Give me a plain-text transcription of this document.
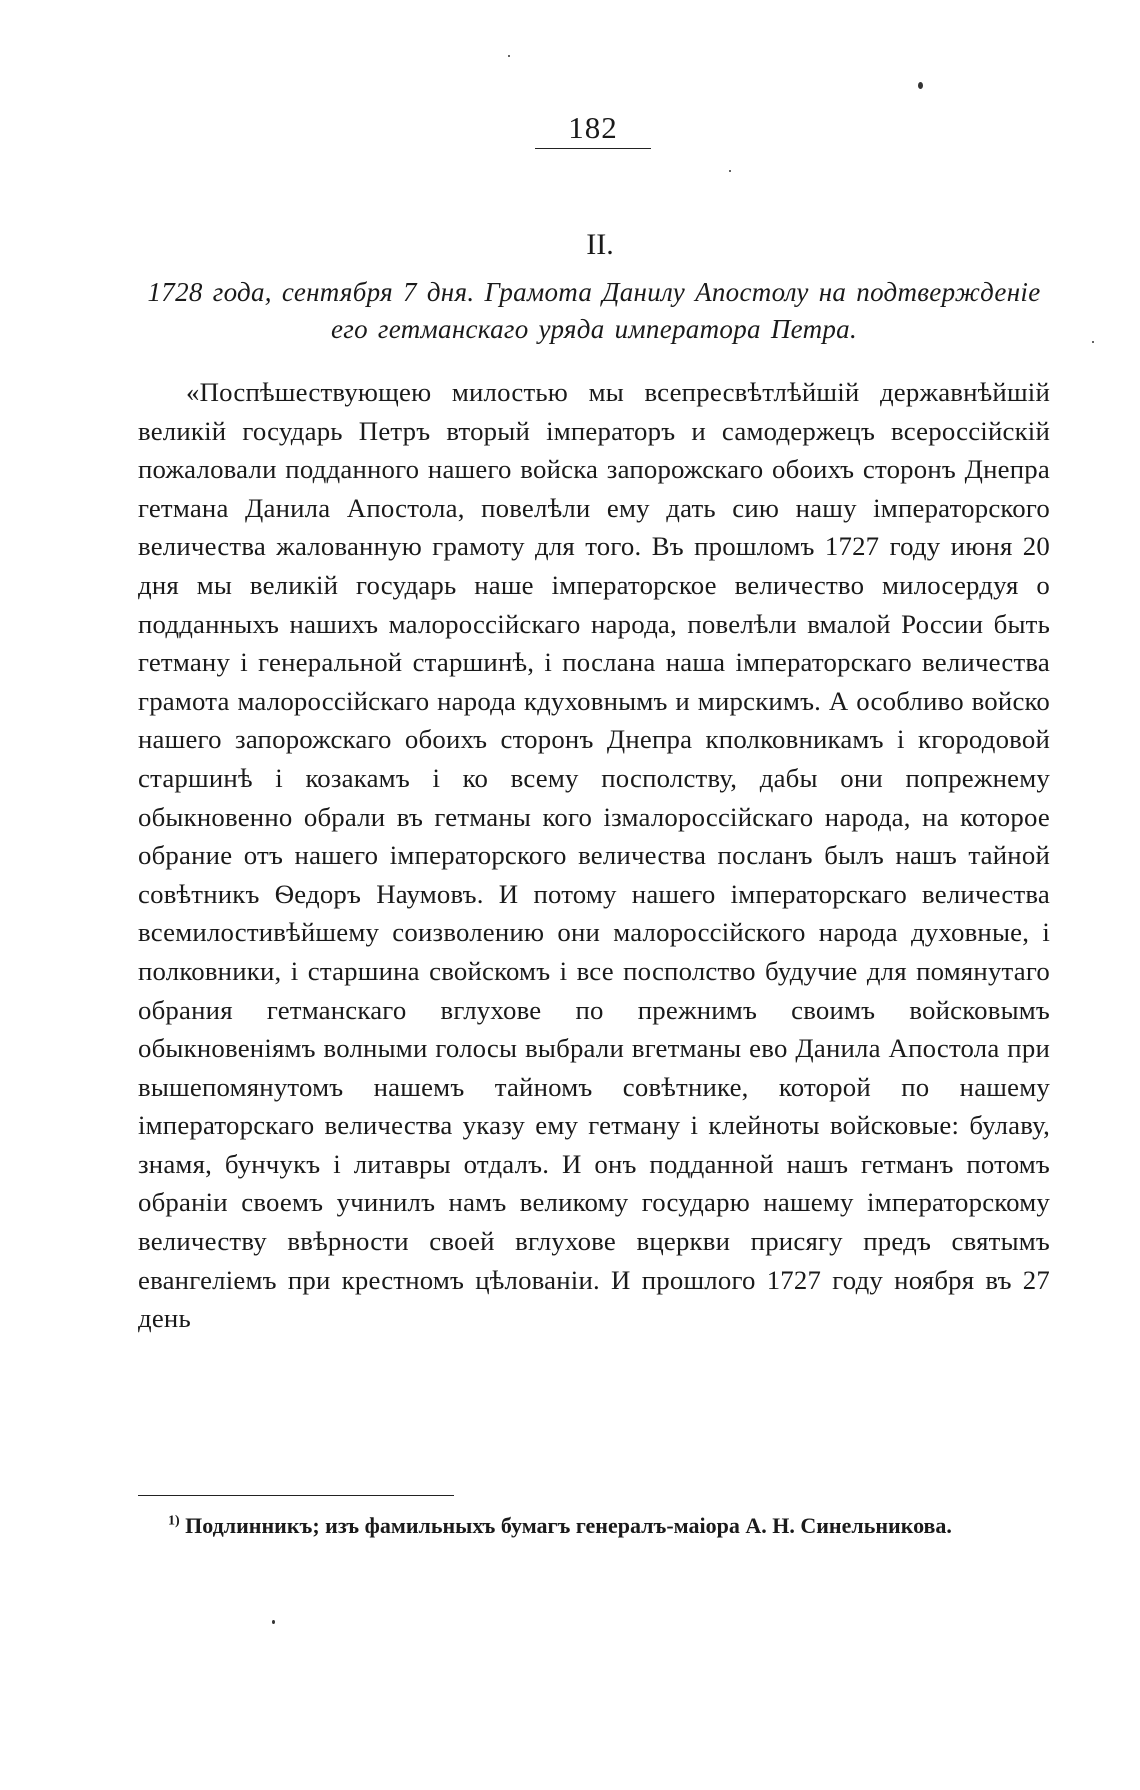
182
II.
1728 года, сентября 7 дня. Грамота Данилу Апостолу на подтвержденіе его гетманскаго уряда императора Петра.
«Поспѣшествующею милостью мы всепресвѣтлѣйшій державнѣйшій великій государь Петръ вторый імператоръ и самодержецъ всероссійскій пожаловали подданного нашего войска запорожскаго обоихъ сторонъ Днепра гетмана Данила Апостола, повелѣли ему дать сию нашу імператорского величества жалованную грамоту для того. Въ прошломъ 1727 году июня 20 дня мы великій государь наше імператорское величество милосердуя о подданныхъ нашихъ малороссійскаго народа, повелѣли вмалой России быть гетману і генеральной старшинѣ, і послана наша імператорскаго величества грамота малороссійскаго народа кдуховнымъ и мирскимъ. А особливо войско нашего запорожскаго обоихъ сторонъ Днепра кполковникамъ і кгородовой старшинѣ і козакамъ і ко всему посполству, дабы они попрежнему обыкновенно обрали въ гетманы кого ізмалороссійскаго народа, на которое обрание отъ нашего імператорского величества посланъ былъ нашъ тайной совѣтникъ Ѳедоръ Наумовъ. И потому нашего імператорскаго величества всемилостивѣйшему соизволению они малороссійского народа духовные, і полковники, і старшина свойскомъ і все посполство будучие для помянутаго обрания гетманскаго вглухове по прежнимъ своимъ войсковымъ обыкновеніямъ волными голосы выбрали вгетманы ево Данила Апостола при вышепомянутомъ нашемъ тайномъ совѣтнике, которой по нашему імператорскаго величества указу ему гетману і клейноты войсковые: булаву, знамя, бунчукъ і литавры отдалъ. И онъ подданной нашъ гетманъ потомъ обраніи своемъ учинилъ намъ великому государю нашему імператорскому величеству ввѣрности своей вглухове вцеркви присягу предъ святымъ евангеліемъ при крестномъ цѣлованіи. И прошлого 1727 году ноября въ 27 день
$^{1)}$ Подлинникъ; изъ фамильныхъ бумагъ генералъ-маіора А. Н. Синельникова.
